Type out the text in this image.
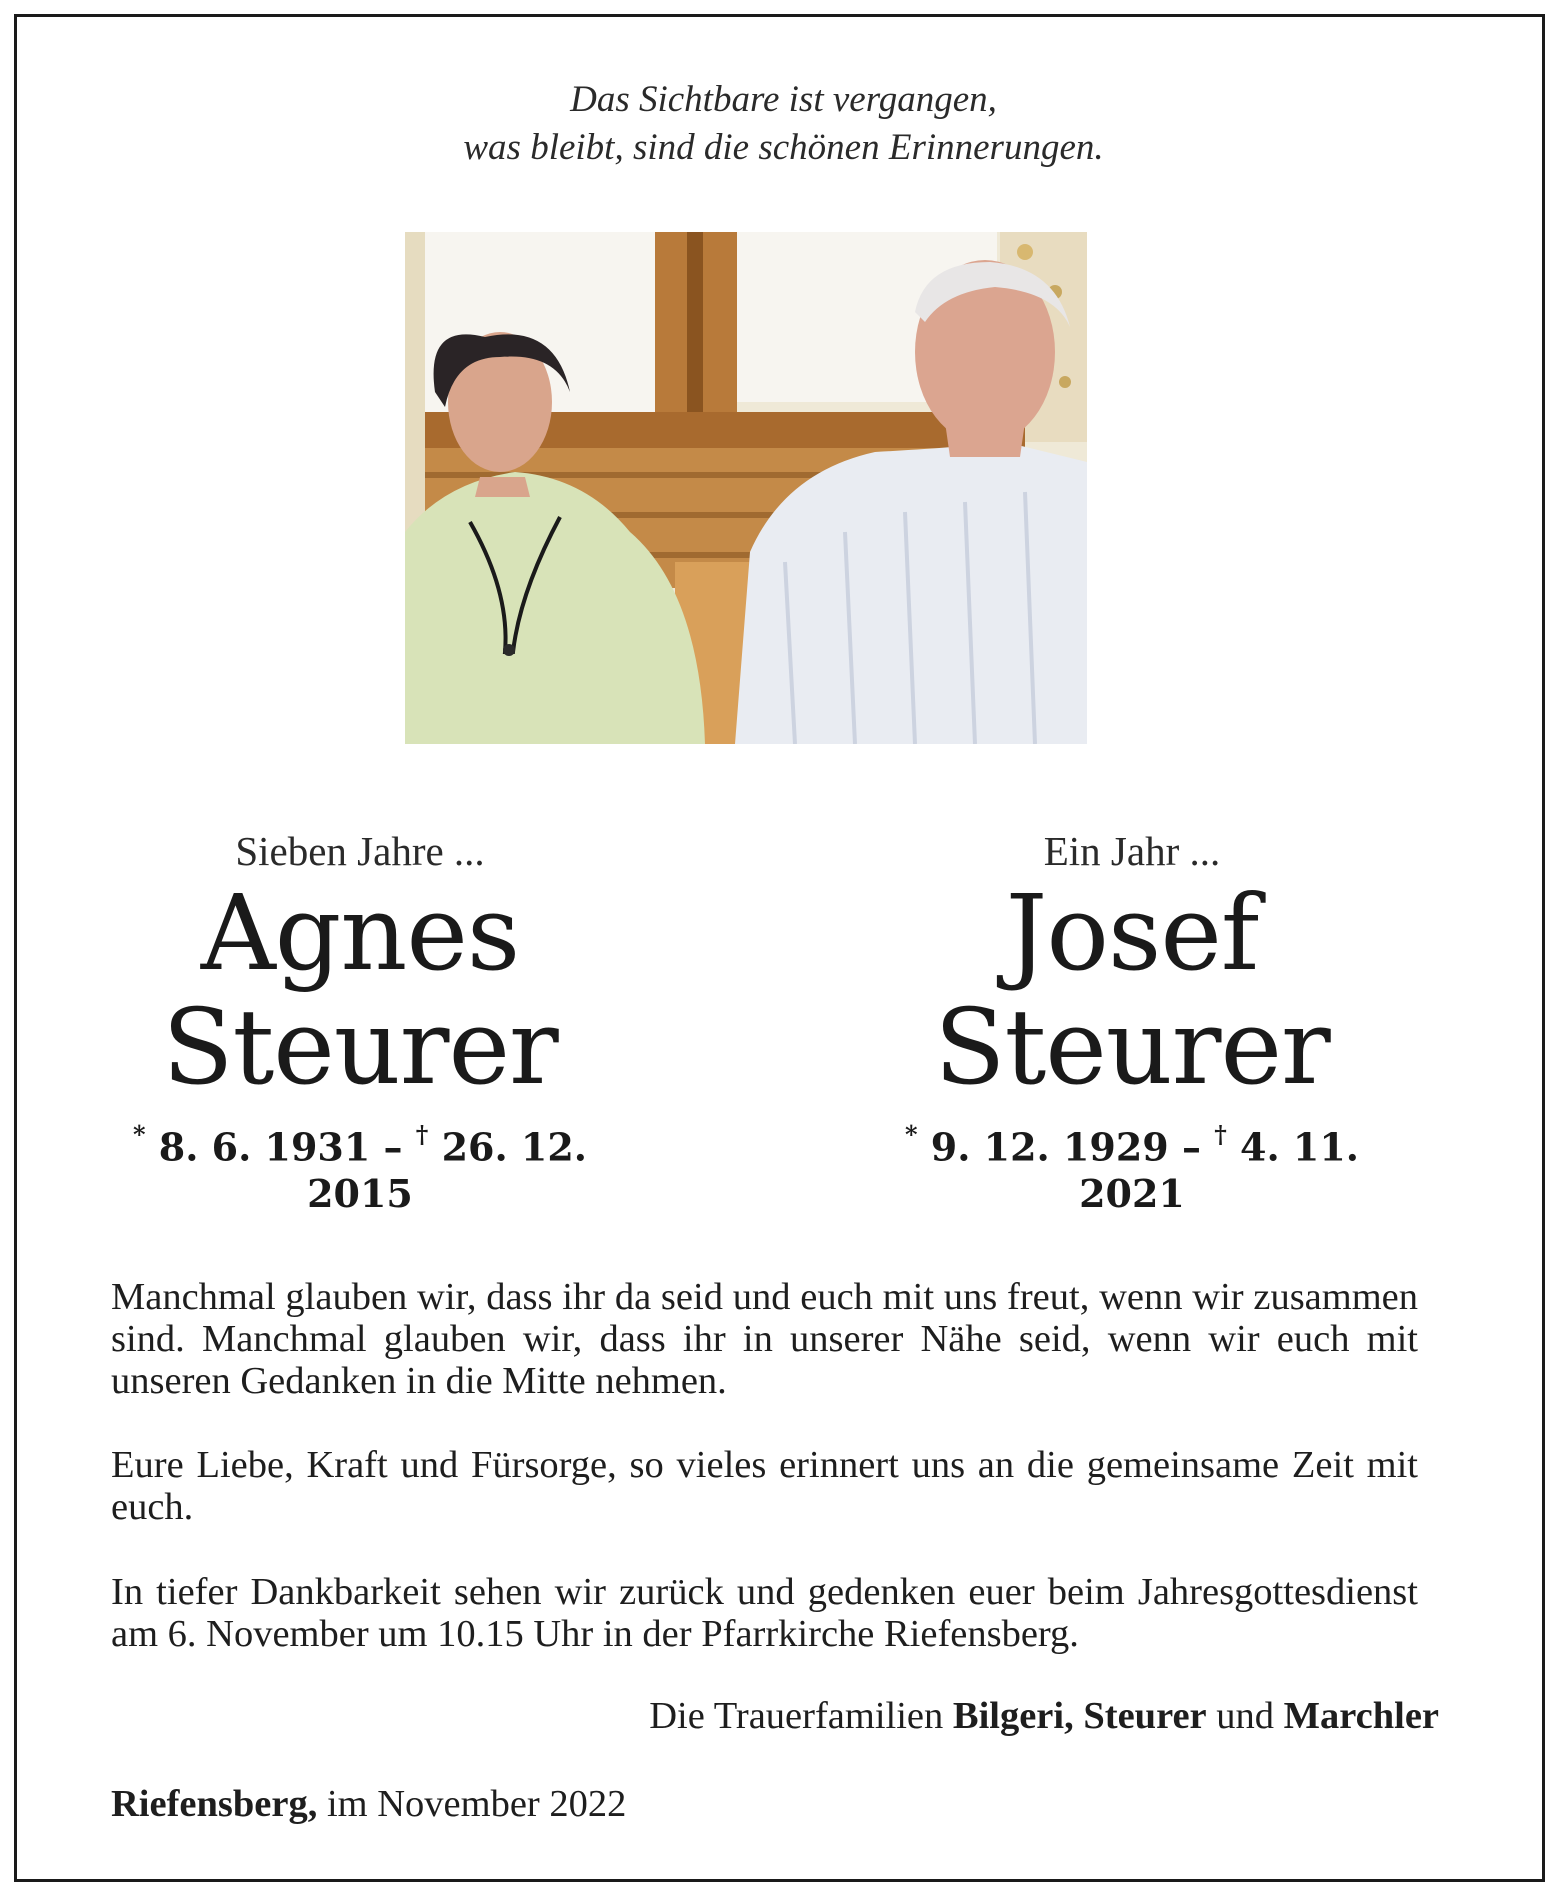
Das Sichtbare ist vergangen,
was bleibt, sind die schönen Erinnerungen.
Sieben Jahre ...
Agnes
Steurer
* 8. 6. 1931 – † 26. 12. 2015
Ein Jahr ...
Josef
Steurer
* 9. 12. 1929 – † 4. 11. 2021
Manchmal glauben wir, dass ihr da seid und euch mit uns freut, wenn wir zusammen sind. Manchmal glauben wir, dass ihr in unserer Nähe seid, wenn wir euch mit unseren Gedanken in die Mitte nehmen.
Eure Liebe, Kraft und Fürsorge, so vieles erinnert uns an die gemeinsame Zeit mit euch.
In tiefer Dankbarkeit sehen wir zurück und gedenken euer beim Jahresgottesdienst am 6. November um 10.15 Uhr in der Pfarrkirche Riefensberg.
Die Trauerfamilien Bilgeri, Steurer und Marchler
Riefensberg, im November 2022
